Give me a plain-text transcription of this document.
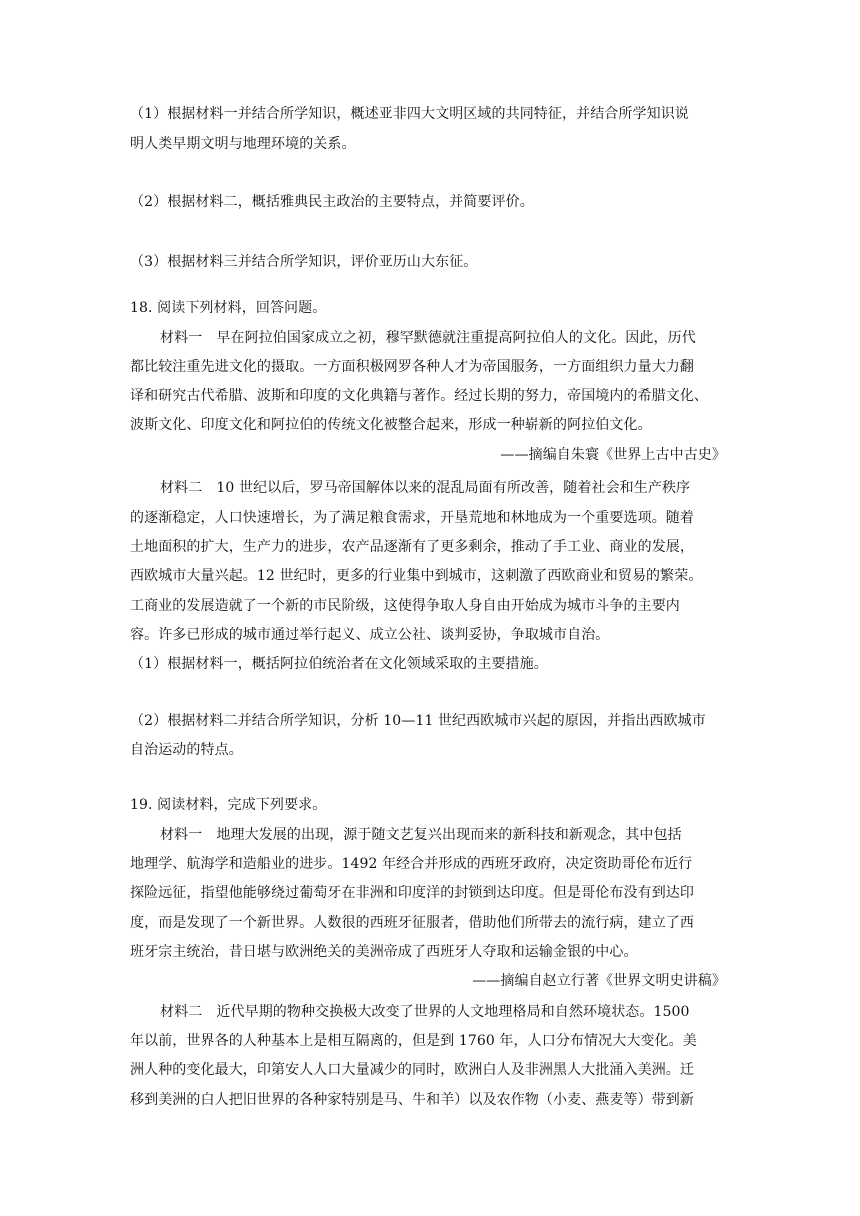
（1）根据材料一并结合所学知识，概述亚非四大文明区域的共同特征，并结合所学知识说
明人类早期文明与地理环境的关系。
（2）根据材料二，概括雅典民主政治的主要特点，并简要评价。
（3）根据材料三并结合所学知识，评价亚历山大东征。
18. 阅读下列材料，回答问题。
材料一　早在阿拉伯国家成立之初，穆罕默德就注重提高阿拉伯人的文化。因此，历代
都比较注重先进文化的摄取。一方面积极网罗各种人才为帝国服务，一方面组织力量大力翻
译和研究古代希腊、波斯和印度的文化典籍与著作。经过长期的努力，帝国境内的希腊文化、
波斯文化、印度文化和阿拉伯的传统文化被整合起来，形成一种崭新的阿拉伯文化。
——摘编自朱寰《世界上古中古史》
材料二　10 世纪以后，罗马帝国解体以来的混乱局面有所改善，随着社会和生产秩序
的逐渐稳定，人口快速增长，为了满足粮食需求，开垦荒地和林地成为一个重要选项。随着
土地面积的扩大，生产力的进步，农产品逐渐有了更多剩余，推动了手工业、商业的发展，
西欧城市大量兴起。12 世纪时，更多的行业集中到城市，这刺激了西欧商业和贸易的繁荣。
工商业的发展造就了一个新的市民阶级，这使得争取人身自由开始成为城市斗争的主要内
容。许多已形成的城市通过举行起义、成立公社、谈判妥协，争取城市自治。
（1）根据材料一，概括阿拉伯统治者在文化领域采取的主要措施。
（2）根据材料二并结合所学知识，分析 10—11 世纪西欧城市兴起的原因，并指出西欧城市
自治运动的特点。
19. 阅读材料，完成下列要求。
材料一　地理大发展的出现，源于随文艺复兴出现而来的新科技和新观念，其中包括
地理学、航海学和造船业的进步。1492 年经合并形成的西班牙政府，决定资助哥伦布近行
探险远征，指望他能够绕过葡萄牙在非洲和印度洋的封锁到达印度。但是哥伦布没有到达印
度，而是发现了一个新世界。人数很的西班牙征服者，借助他们所带去的流行病，建立了西
班牙宗主统治，昔日堪与欧洲绝关的美洲帝成了西班牙人夺取和运输金银的中心。
——摘编自赵立行著《世界文明史讲稿》
材料二　近代早期的物种交换极大改变了世界的人文地理格局和自然环境状态。1500
年以前，世界各的人种基本上是相互隔离的，但是到 1760 年，人口分布情况大大变化。美
洲人种的变化最大，印第安人人口大量减少的同时，欧洲白人及非洲黑人大批涌入美洲。迁
移到美洲的白人把旧世界的各种家特别是马、牛和羊）以及农作物（小麦、燕麦等）带到新
